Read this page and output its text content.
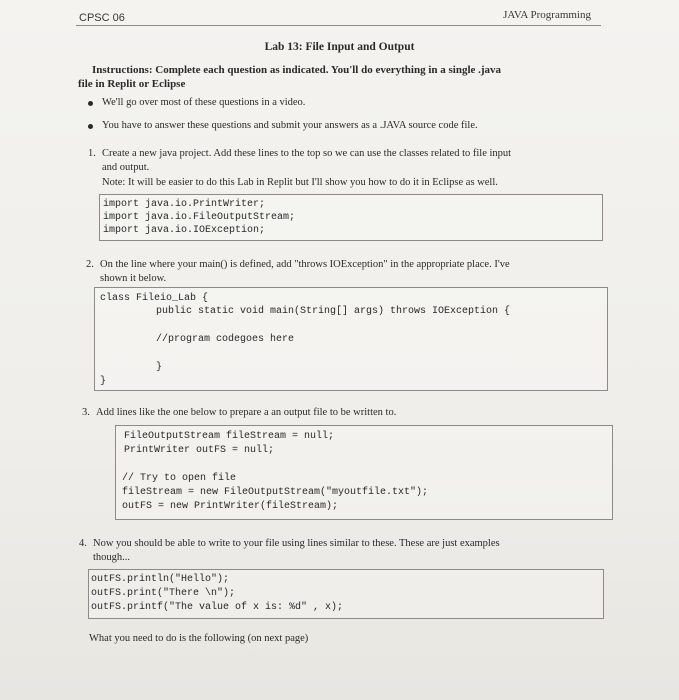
CPSC 06	JAVA Programming
Lab 13: File Input and Output
Instructions: Complete each question as indicated. You'll do everything in a single .java
file in Replit or Eclipse
We'll go over most of these questions in a video.
You have to answer these questions and submit your answers as a .JAVA source code file.
1. Create a new java project. Add these lines to the top so we can use the classes related to file input
and output.
Note: It will be easier to do this Lab in Replit but I'll show you how to do it in Eclipse as well.
import java.io.PrintWriter;
import java.io.FileOutputStream;
import java.io.IOException;
2. On the line where your main() is defined, add "throws IOException" in the appropriate place. I've
shown it below.
class Fileio_Lab {
public static void main(String[] args) throws IOException {
//program codegoes here
}
}
3. Add lines like the one below to prepare a an output file to be written to.
FileOutputStream fileStream = null;
PrintWriter outFS = null;
// Try to open file
fileStream = new FileOutputStream("myoutfile.txt");
outFS = new PrintWriter(fileStream);
4. Now you should be able to write to your file using lines similar to these. These are just examples
though...
outFS.println("Hello");
outFS.print("There \n");
outFS.printf("The value of x is: %d" , x);
What you need to do is the following (on next page)
